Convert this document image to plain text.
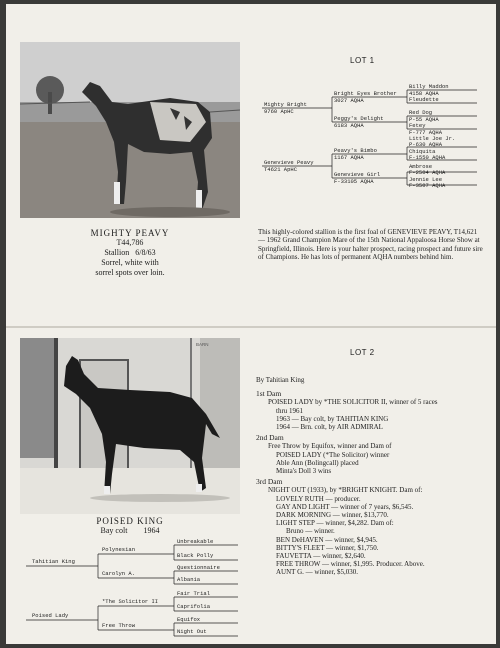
MIGHTY PEAVY
T44,786
Stallion 6/8/63
Sorrel, white with
sorrel spots over loin.
LOT 1
Mighty Bright
9760 ApHC
Genevieve Peavy
T4621 ApHC
Bright Eyes Brother
3027 AQHA
Peggy's Delight
6183 AQHA
Peavy's Bimbo
1167 AQHA
Genevieve Girl
F-33105 AQHA
Billy Maddon
4158 AQHA
Fleudette
Red Dog
P-55 AQHA
Fetey
F-777 AQHA
Little Joe Jr.
P-630 AQHA
Chiquita
F-1550 AQHA
Ambrose
F-2504 AQHA
Jennie Lee
F-3507 AQHA
This highly-colored stallion is the first foal of GENEVIEVE PEAVY, T14,621 — 1962 Grand Champion Mare of the 15th National Appaloosa Horse Show at Springfield, Illinois. Here is your halter prospect, racing prospect and future sire of Champions. He has lots of permanent AQHA numbers behind him.
BARN
POISED KING
Bay colt 1964
LOT 2
By Tahitian King
1st Dam
POISED LADY by *THE SOLICITOR II, winner of 5 races
thru 1961
1963 — Bay colt, by TAHITIAN KING
1964 — Brn. colt, by AIR ADMIRAL
2nd Dam
Free Throw by Equifox, winner and Dam of
POISED LADY (*The Solicitor) winner
Able Ann (Bolingcall) placed
Minta's Doll 3 wins
3rd Dam
NIGHT OUT (1933), by *BRIGHT KNIGHT. Dam of:
LOVELY RUTH — producer.
GAY AND LIGHT — winner of 7 years, $6,545.
DARK MORNING — winner, $13,770.
LIGHT STEP — winner, $4,282. Dam of:
Bruno — winner.
BEN DeHAVEN — winner, $4,945.
BITTY'S FLEET — winner, $1,750.
FAUVETTA — winner, $2,640.
FREE THROW — winner, $1,995. Producer. Above.
AUNT G. — winner, $5,030.
Tahitian King
Poised Lady
Polynesian
Carolyn A.
*The Solicitor II
Free Throw
Unbreakable
Black Polly
Questionnaire
Albania
Fair Trial
Caprifolia
Equifox
Night Out
